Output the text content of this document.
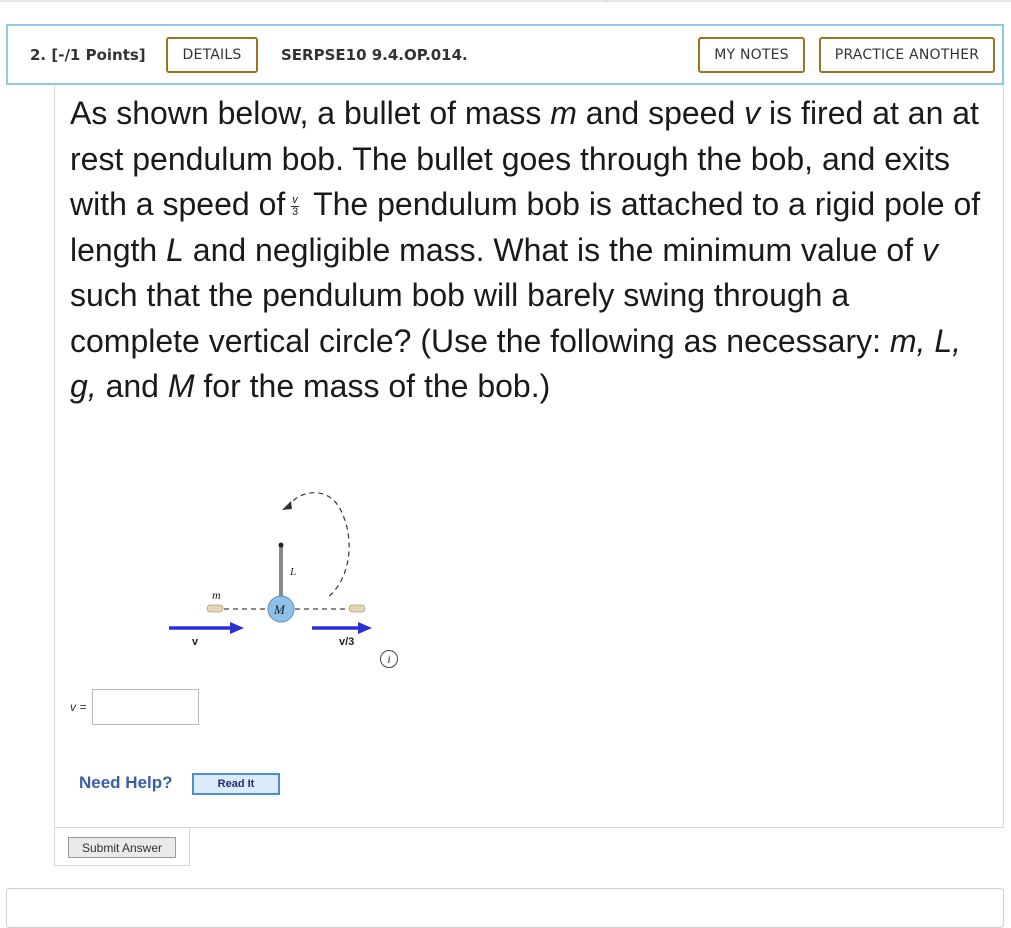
2. [-/1 Points]	DETAILS	SERPSE10 9.4.OP.014.	MY NOTES	PRACTICE ANOTHER
As shown below, a bullet of mass m and speed v is fired at an at rest pendulum bob. The bullet goes through the bob, and exits with a speed of $\frac{v}{3}$ The pendulum bob is attached to a rigid pole of length L and negligible mass. What is the minimum value of v such that the pendulum bob will barely swing through a complete vertical circle? (Use the following as necessary: m, L, g, and M for the mass of the bob.)
L
M
m
v	v/3
i
v =
Need Help?	Read It
Submit Answer
